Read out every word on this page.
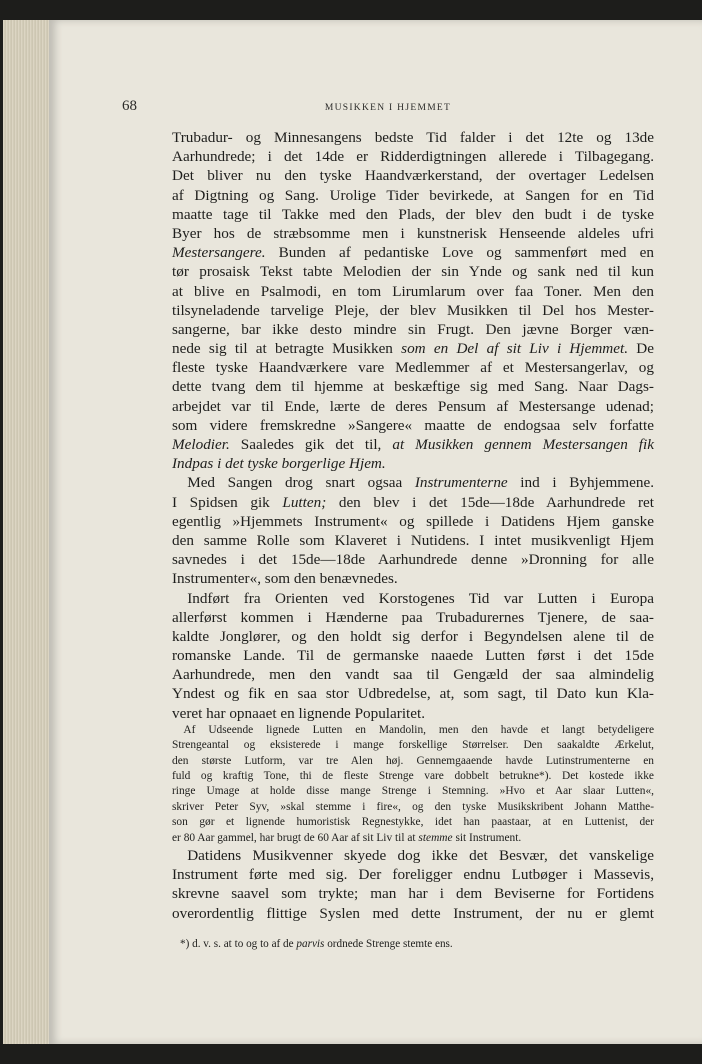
68	MUSIKKEN I HJEMMET
Trubadur- og Minnesangens bedste Tid falder i det 12te og 13de
Aarhundrede; i det 14de er Ridderdigtningen allerede i Tilbagegang.
Det bliver nu den tyske Haandværkerstand, der overtager Ledelsen
af Digtning og Sang. Urolige Tider bevirkede, at Sangen for en Tid
maatte tage til Takke med den Plads, der blev den budt i de tyske
Byer hos de stræbsomme men i kunstnerisk Henseende aldeles ufri
Mestersangere. Bunden af pedantiske Love og sammenført med en
tør prosaisk Tekst tabte Melodien der sin Ynde og sank ned til kun
at blive en Psalmodi, en tom Lirumlarum over faa Toner. Men den
tilsyneladende tarvelige Pleje, der blev Musikken til Del hos Mester-
sangerne, bar ikke desto mindre sin Frugt. Den jævne Borger væn-
nede sig til at betragte Musikken som en Del af sit Liv i Hjemmet. De
fleste tyske Haandværkere vare Medlemmer af et Mestersangerlav, og
dette tvang dem til hjemme at beskæftige sig med Sang. Naar Dags-
arbejdet var til Ende, lærte de deres Pensum af Mestersange udenad;
som videre fremskredne »Sangere« maatte de endogsaa selv forfatte
Melodier. Saaledes gik det til, at Musikken gennem Mestersangen fik
Indpas i det tyske borgerlige Hjem.
 Med Sangen drog snart ogsaa Instrumenterne ind i Byhjemmene.
I Spidsen gik Lutten; den blev i det 15de—18de Aarhundrede ret
egentlig »Hjemmets Instrument« og spillede i Datidens Hjem ganske
den samme Rolle som Klaveret i Nutidens. I intet musikvenligt Hjem
savnedes i det 15de—18de Aarhundrede denne »Dronning for alle
Instrumenter«, som den benævnedes.
 Indført fra Orienten ved Korstogenes Tid var Lutten i Europa
allerførst kommen i Hænderne paa Trubadurernes Tjenere, de saa-
kaldte Jonglører, og den holdt sig derfor i Begyndelsen alene til de
romanske Lande. Til de germanske naaede Lutten først i det 15de
Aarhundrede, men den vandt saa til Gengæld der saa almindelig
Yndest og fik en saa stor Udbredelse, at, som sagt, til Dato kun Kla-
veret har opnaaet en lignende Popularitet.
 Af Udseende lignede Lutten en Mandolin, men den havde et langt betydeligere
Strengeantal og eksisterede i mange forskellige Størrelser. Den saakaldte Ærkelut,
den største Lutform, var tre Alen høj. Gennemgaaende havde Lutinstrumenterne en
fuld og kraftig Tone, thi de fleste Strenge vare dobbelt betrukne*). Det kostede ikke
ringe Umage at holde disse mange Strenge i Stemning. »Hvo et Aar slaar Lutten«,
skriver Peter Syv, »skal stemme i fire«, og den tyske Musikskribent Johann Matthe-
son gør et lignende humoristisk Regnestykke, idet han paastaar, at en Luttenist, der
er 80 Aar gammel, har brugt de 60 Aar af sit Liv til at stemme sit Instrument.
 Datidens Musikvenner skyede dog ikke det Besvær, det vanskelige
Instrument førte med sig. Der foreligger endnu Lutbøger i Massevis,
skrevne saavel som trykte; man har i dem Beviserne for Fortidens
overordentlig flittige Syslen med dette Instrument, der nu er glemt
*) d. v. s. at to og to af de parvis ordnede Strenge stemte ens.
